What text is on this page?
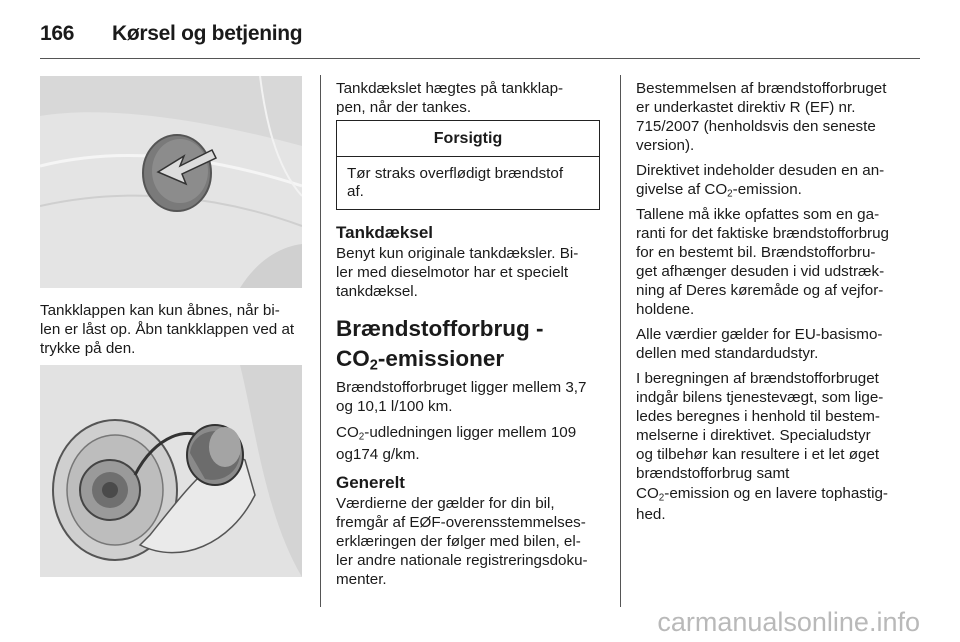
166 Kørsel og betjening
Tankklappen kan kun åbnes, når bi-
len er låst op. Åbn tankklappen ved at
trykke på den.
Tankdækslet hægtes på tankklap-
pen, når der tankes.
Forsigtig
Tør straks overflødigt brændstof
af.
Tankdæksel
Benyt kun originale tankdæksler. Bi-
ler med dieselmotor har et specielt
tankdæksel.
Brændstofforbrug -
$CO_2$-emissioner

Brændstofforbruget ligger mellem 3,7
og 10,1 l/100 km.

$CO_2$-udledningen ligger mellem 109
og174 g/km.

Generelt
Værdierne der gælder for din bil,
fremgår af EØF-overensstemmelses-
erklæringen der følger med bilen, el-
ler andre nationale registreringsdoku-
menter.

Bestemmelsen af brændstofforbruget
er underkastet direktiv R (EF) nr.
715/2007 (henholdsvis den seneste
version).

Direktivet indeholder desuden en an-
givelse af $CO_2$-emission.

Tallene må ikke opfattes som en ga-
ranti for det faktiske brændstofforbrug
for en bestemt bil. Brændstofforbru-
get afhænger desuden i vid udstræk-
ning af Deres køremåde og af vejfor-
holdene.

Alle værdier gælder for EU-basismo-
dellen med standardudstyr.

I beregningen af brændstofforbruget
indgår bilens tjenestevægt, som lige-
ledes beregnes i henhold til bestem-
melserne i direktivet. Specialudstyr
og tilbehør kan resultere i et let øget
brændstofforbrug samt
$CO_2$-emission og en lavere tophastig-
hed.

carmanualsonline.info
